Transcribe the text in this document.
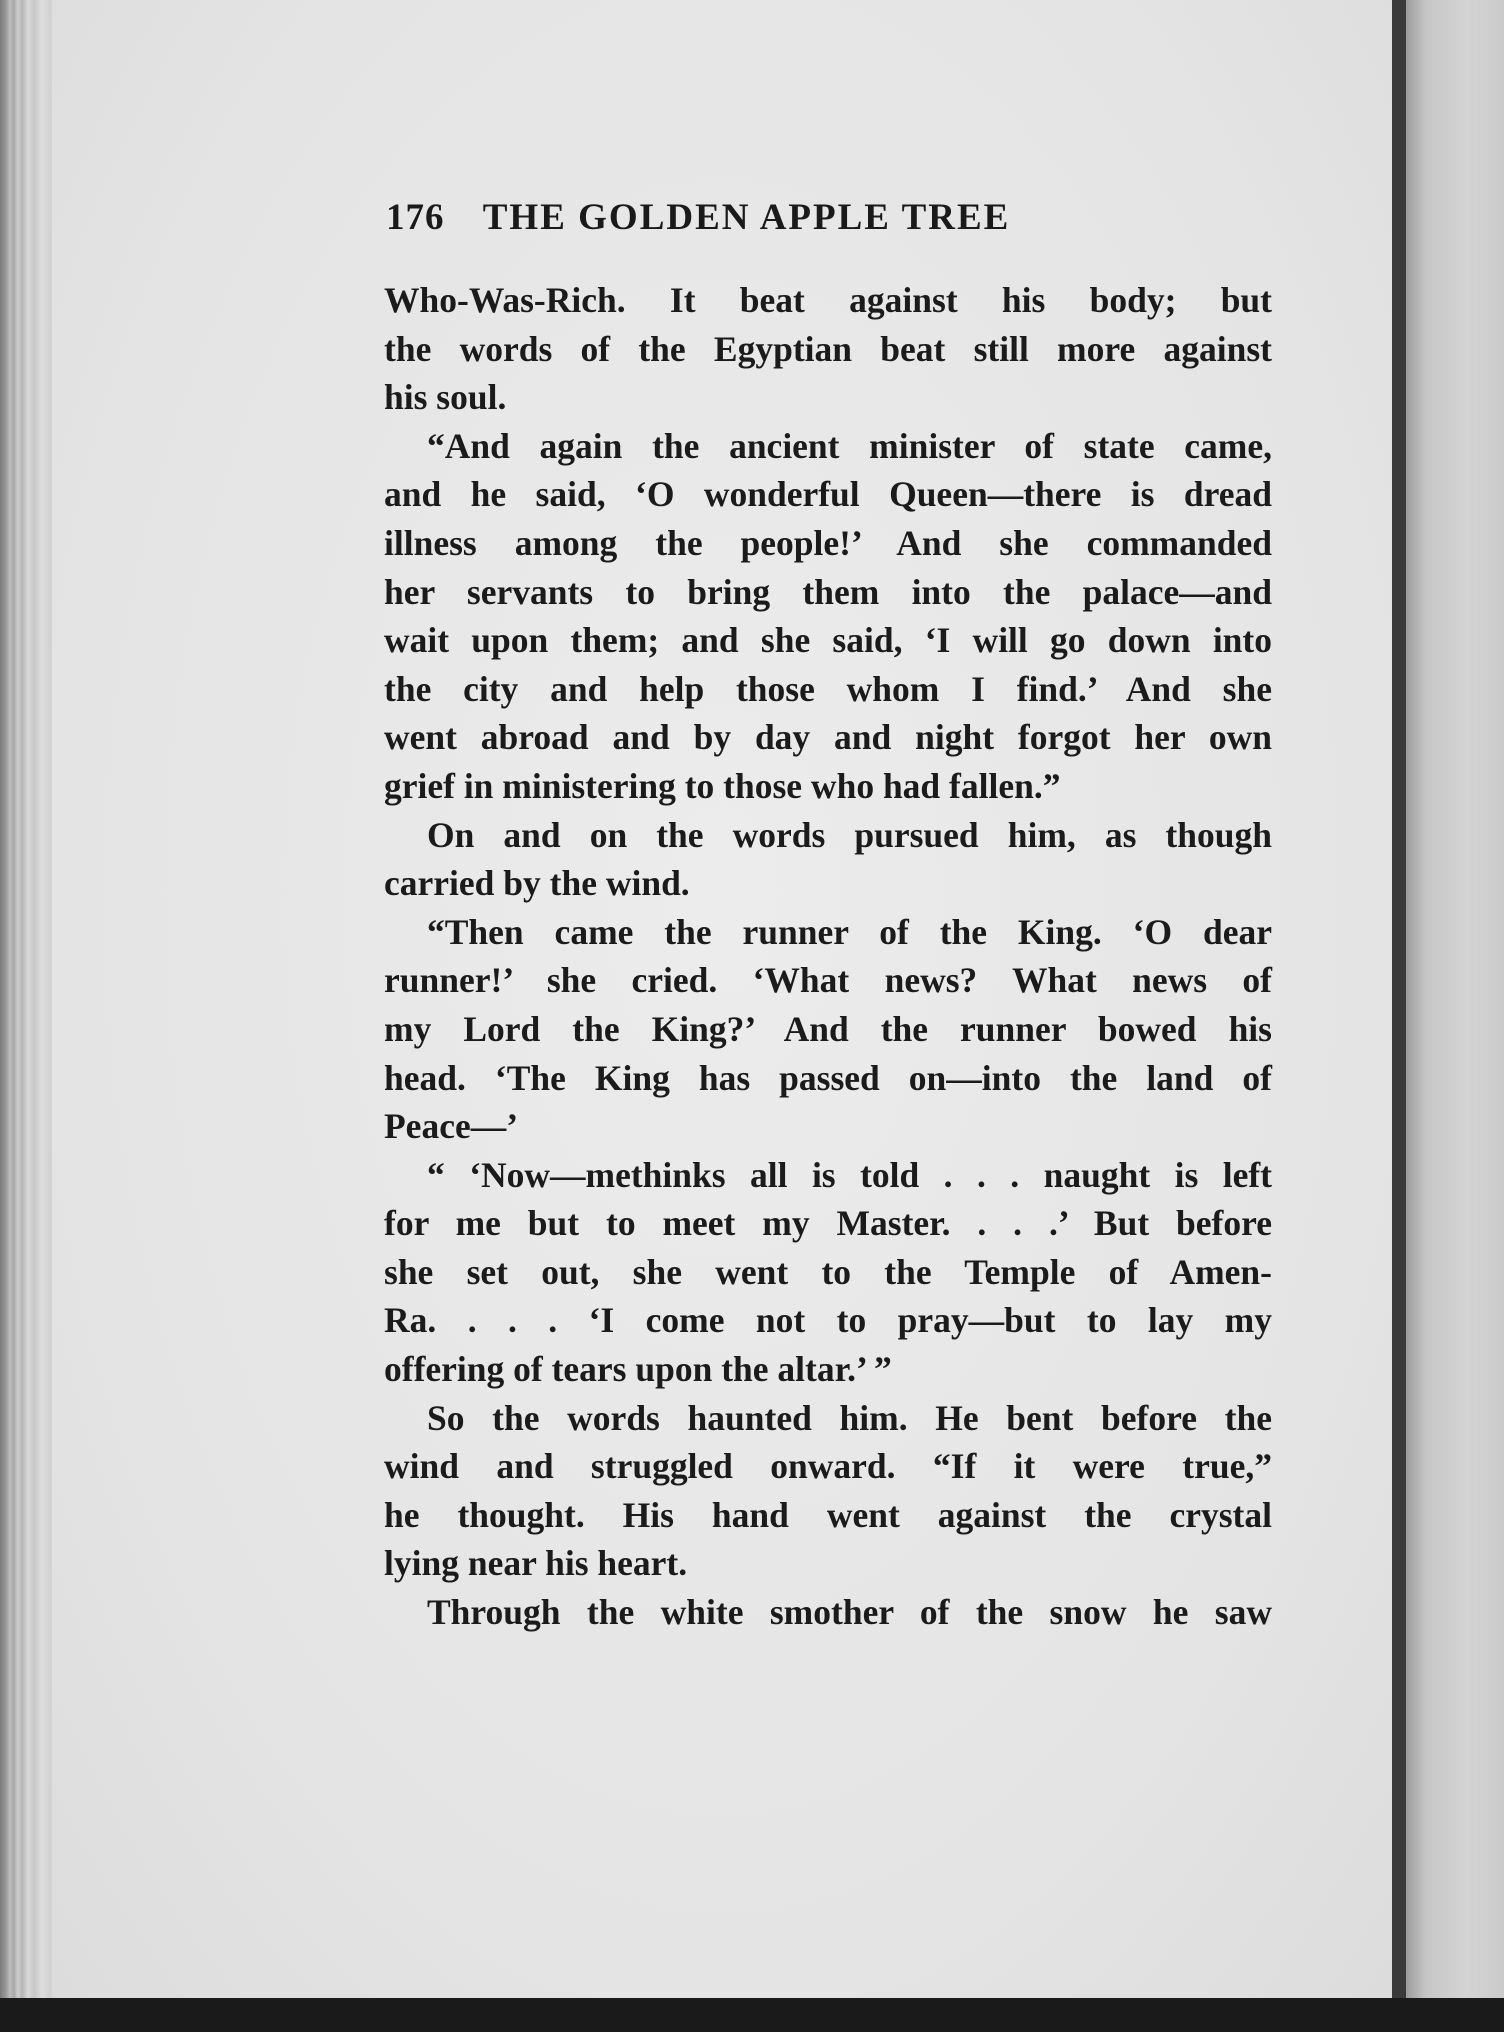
176 THE GOLDEN APPLE TREE
Who-Was-Rich. It beat against his body; but
the words of the Egyptian beat still more against
his soul.
“And again the ancient minister of state came,
and he said, ‘O wonderful Queen—there is dread
illness among the people!’ And she commanded
her servants to bring them into the palace—and
wait upon them; and she said, ‘I will go down into
the city and help those whom I find.’ And she
went abroad and by day and night forgot her own
grief in ministering to those who had fallen.”
On and on the words pursued him, as though
carried by the wind.
“Then came the runner of the King. ‘O dear
runner!’ she cried. ‘What news? What news of
my Lord the King?’ And the runner bowed his
head. ‘The King has passed on—into the land of
Peace—’
“ ‘Now—methinks all is told . . . naught is left
for me but to meet my Master. . . .’ But before
she set out, she went to the Temple of Amen-
Ra. . . . ‘I come not to pray—but to lay my
offering of tears upon the altar.’ ”
So the words haunted him. He bent before the
wind and struggled onward. “If it were true,”
he thought. His hand went against the crystal
lying near his heart.
Through the white smother of the snow he saw
